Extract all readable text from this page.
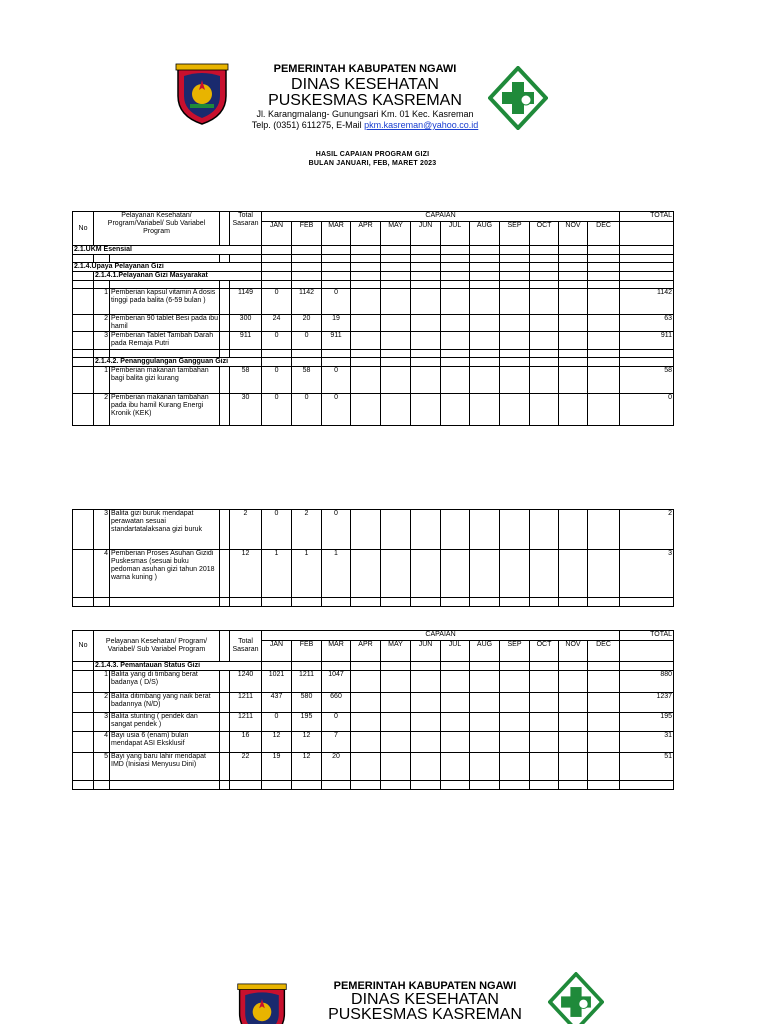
PEMERINTAH KABUPATEN NGAWI
DINAS KESEHATAN
PUSKESMAS KASREMAN
Jl. Karangmalang- Gunungsari Km. 01 Kec. Kasreman
Telp. (0351) 611275, E-Mail pkm.kasreman@yahoo.co.id
HASIL CAPAIAN PROGRAM GIZI
BULAN JANUARI, FEB, MARET 2023
No	Pelayanan Kesehatan/ Program/Variabel/ Sub Variabel Program			Total Sasaran	CAPAIAN												TOTAL
					JAN	FEB	MAR	APR	MAY	JUN	JUL	AUG	SEP	OCT	NOV	DEC	
2.1.UKM Esensial																	

2.1.4.Upaya Pelayanan Gizi																	
	2.1.4.1.Pelayanan Gizi Masyarakat																

	1	Pemberian kapsul vitamin A dosis tinggi pada balita (6-59 bulan )		1149	0	1142	0										1142
	2	Pemberian 90 tablet Besi pada ibu hamil		300	24	20	19										63
	3	Pemberian Tablet Tambah Darah pada Remaja Putri		911	0	0	911										911

	2.1.4.2. Penanggulangan Gangguan Gizi																
	1	Pemberian makanan tambahan bagi balita gizi kurang		58	0	58	0										58
	2	Pemberian makanan tambahan pada ibu hamil Kurang Energi Kronik (KEK)		30	0	0	0										0
	3	Balita gizi buruk mendapat perawatan sesuai standartatalaksana gizi buruk		2	0	2	0										2
	4	Pemberian Proses Asuhan Gizidi Puskesmas (sesuai buku pedoman asuhan gizi tahun 2018 warna kuning )		12	1	1	1										3

No	Pelayanan Kesehatan/ Program/ Variabel/ Sub Variabel Program			Total Sasaran	CAPAIAN												TOTAL
					JAN	FEB	MAR	APR	MAY	JUN	JUL	AUG	SEP	OCT	NOV	DEC	
	2.1.4.3. Pemantauan Status Gizi																
	1	Balita yang di timbang berat badanya ( D/S)		1240	1021	1211	1047										880
	2	Balita ditimbang yang naik berat badannya (N/D)		1211	437	580	660										1237
	3	Balita stunting ( pendek dan sangat pendek )		1211	0	195	0										195
	4	Bayi usia 6 (enam) bulan mendapat ASI Eksklusif		16	12	12	7										31
	5	Bayi yang baru lahir mendapat IMD (Inisiasi Menyusu Dini)		22	19	12	20										51

PEMERINTAH KABUPATEN NGAWI
DINAS KESEHATAN
PUSKESMAS KASREMAN
